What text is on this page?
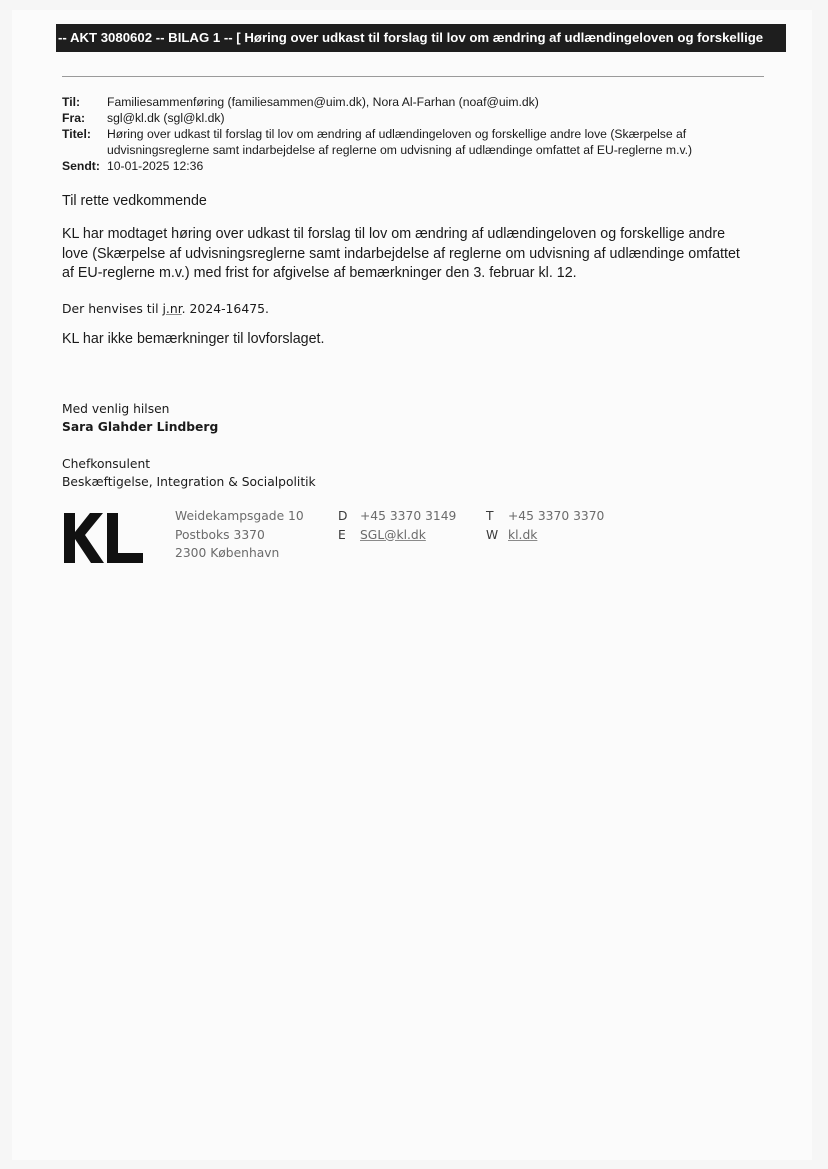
-- AKT 3080602 -- BILAG 1 -- [ Høring over udkast til forslag til lov om ændring af udlændingeloven og forskellige
Til: Familiesammenføring (familiesammen@uim.dk), Nora Al-Farhan (noaf@uim.dk)
Fra: sgl@kl.dk (sgl@kl.dk)
Titel: Høring over udkast til forslag til lov om ændring af udlændingeloven og forskellige andre love (Skærpelse af
udvisningsreglerne samt indarbejdelse af reglerne om udvisning af udlændinge omfattet af EU-reglerne m.v.)
Sendt: 10-01-2025 12:36
Til rette vedkommende
KL har modtaget høring over udkast til forslag til lov om ændring af udlændingeloven og forskellige andre
love (Skærpelse af udvisningsreglerne samt indarbejdelse af reglerne om udvisning af udlændinge omfattet
af EU-reglerne m.v.) med frist for afgivelse af bemærkninger den 3. februar kl. 12.
Der henvises til j.nr. 2024-16475.
KL har ikke bemærkninger til lovforslaget.
Med venlig hilsen
Sara Glahder Lindberg
Chefkonsulent
Beskæftigelse, Integration & Socialpolitik
Weidekampsgade 10
Postboks 3370
2300 København
D +45 3370 3149
E SGL@kl.dk
T +45 3370 3370
W kl.dk
